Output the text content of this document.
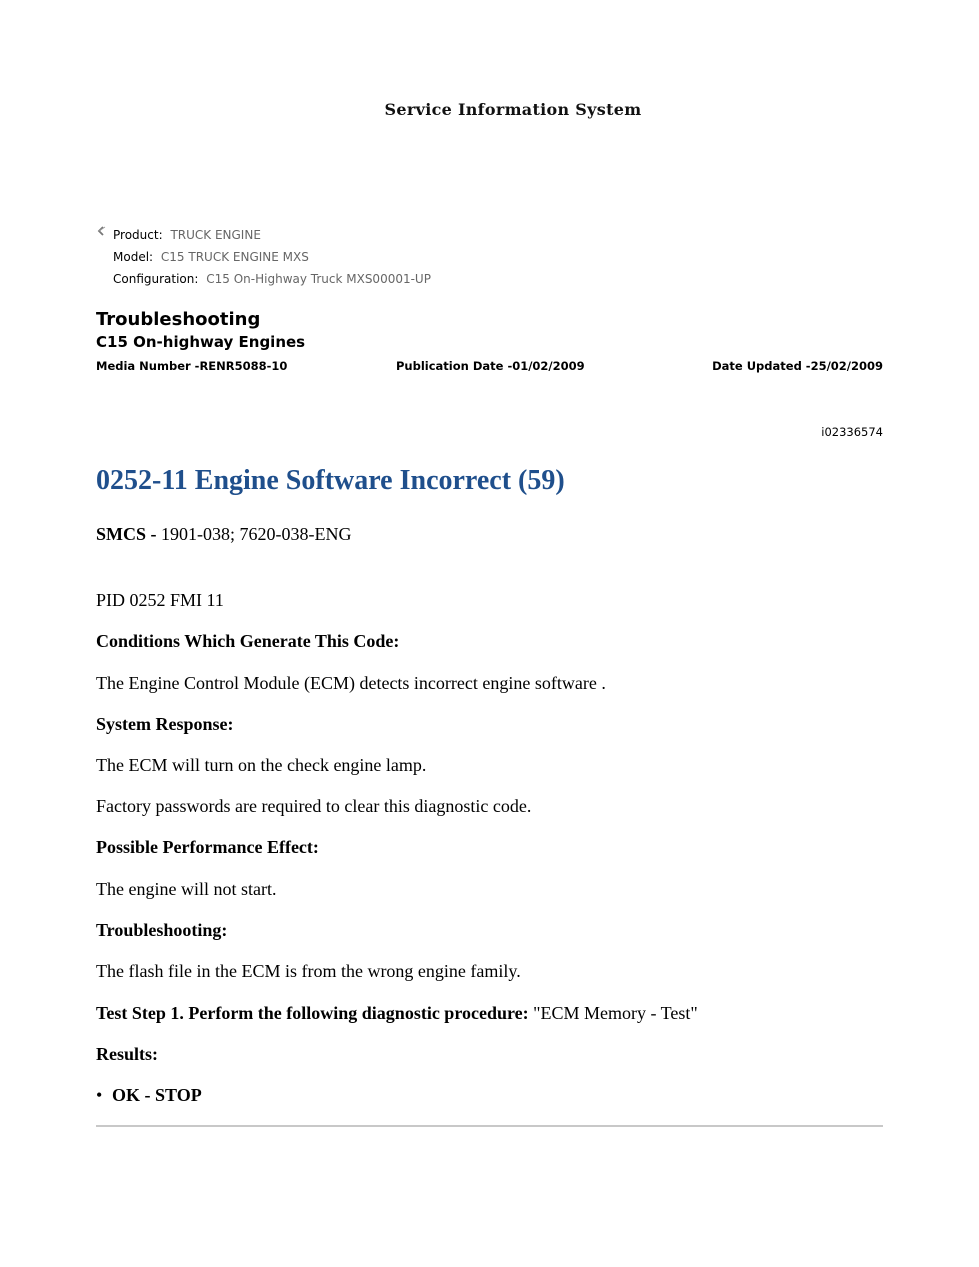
Service Information System
Product: TRUCK ENGINE
Model: C15 TRUCK ENGINE MXS
Configuration: C15 On-Highway Truck MXS00001-UP
Troubleshooting
C15 On-highway Engines
Media Number -RENR5088-10	Publication Date -01/02/2009	Date Updated -25/02/2009
i02336574
0252-11 Engine Software Incorrect (59)

SMCS - 1901-038; 7620-038-ENG

PID 0252 FMI 11

Conditions Which Generate This Code:

The Engine Control Module (ECM) detects incorrect engine software .

System Response:

The ECM will turn on the check engine lamp.

Factory passwords are required to clear this diagnostic code.

Possible Performance Effect:

The engine will not start.

Troubleshooting:

The flash file in the ECM is from the wrong engine family.

Test Step 1. Perform the following diagnostic procedure: "ECM Memory - Test"

Results:

• OK - STOP
